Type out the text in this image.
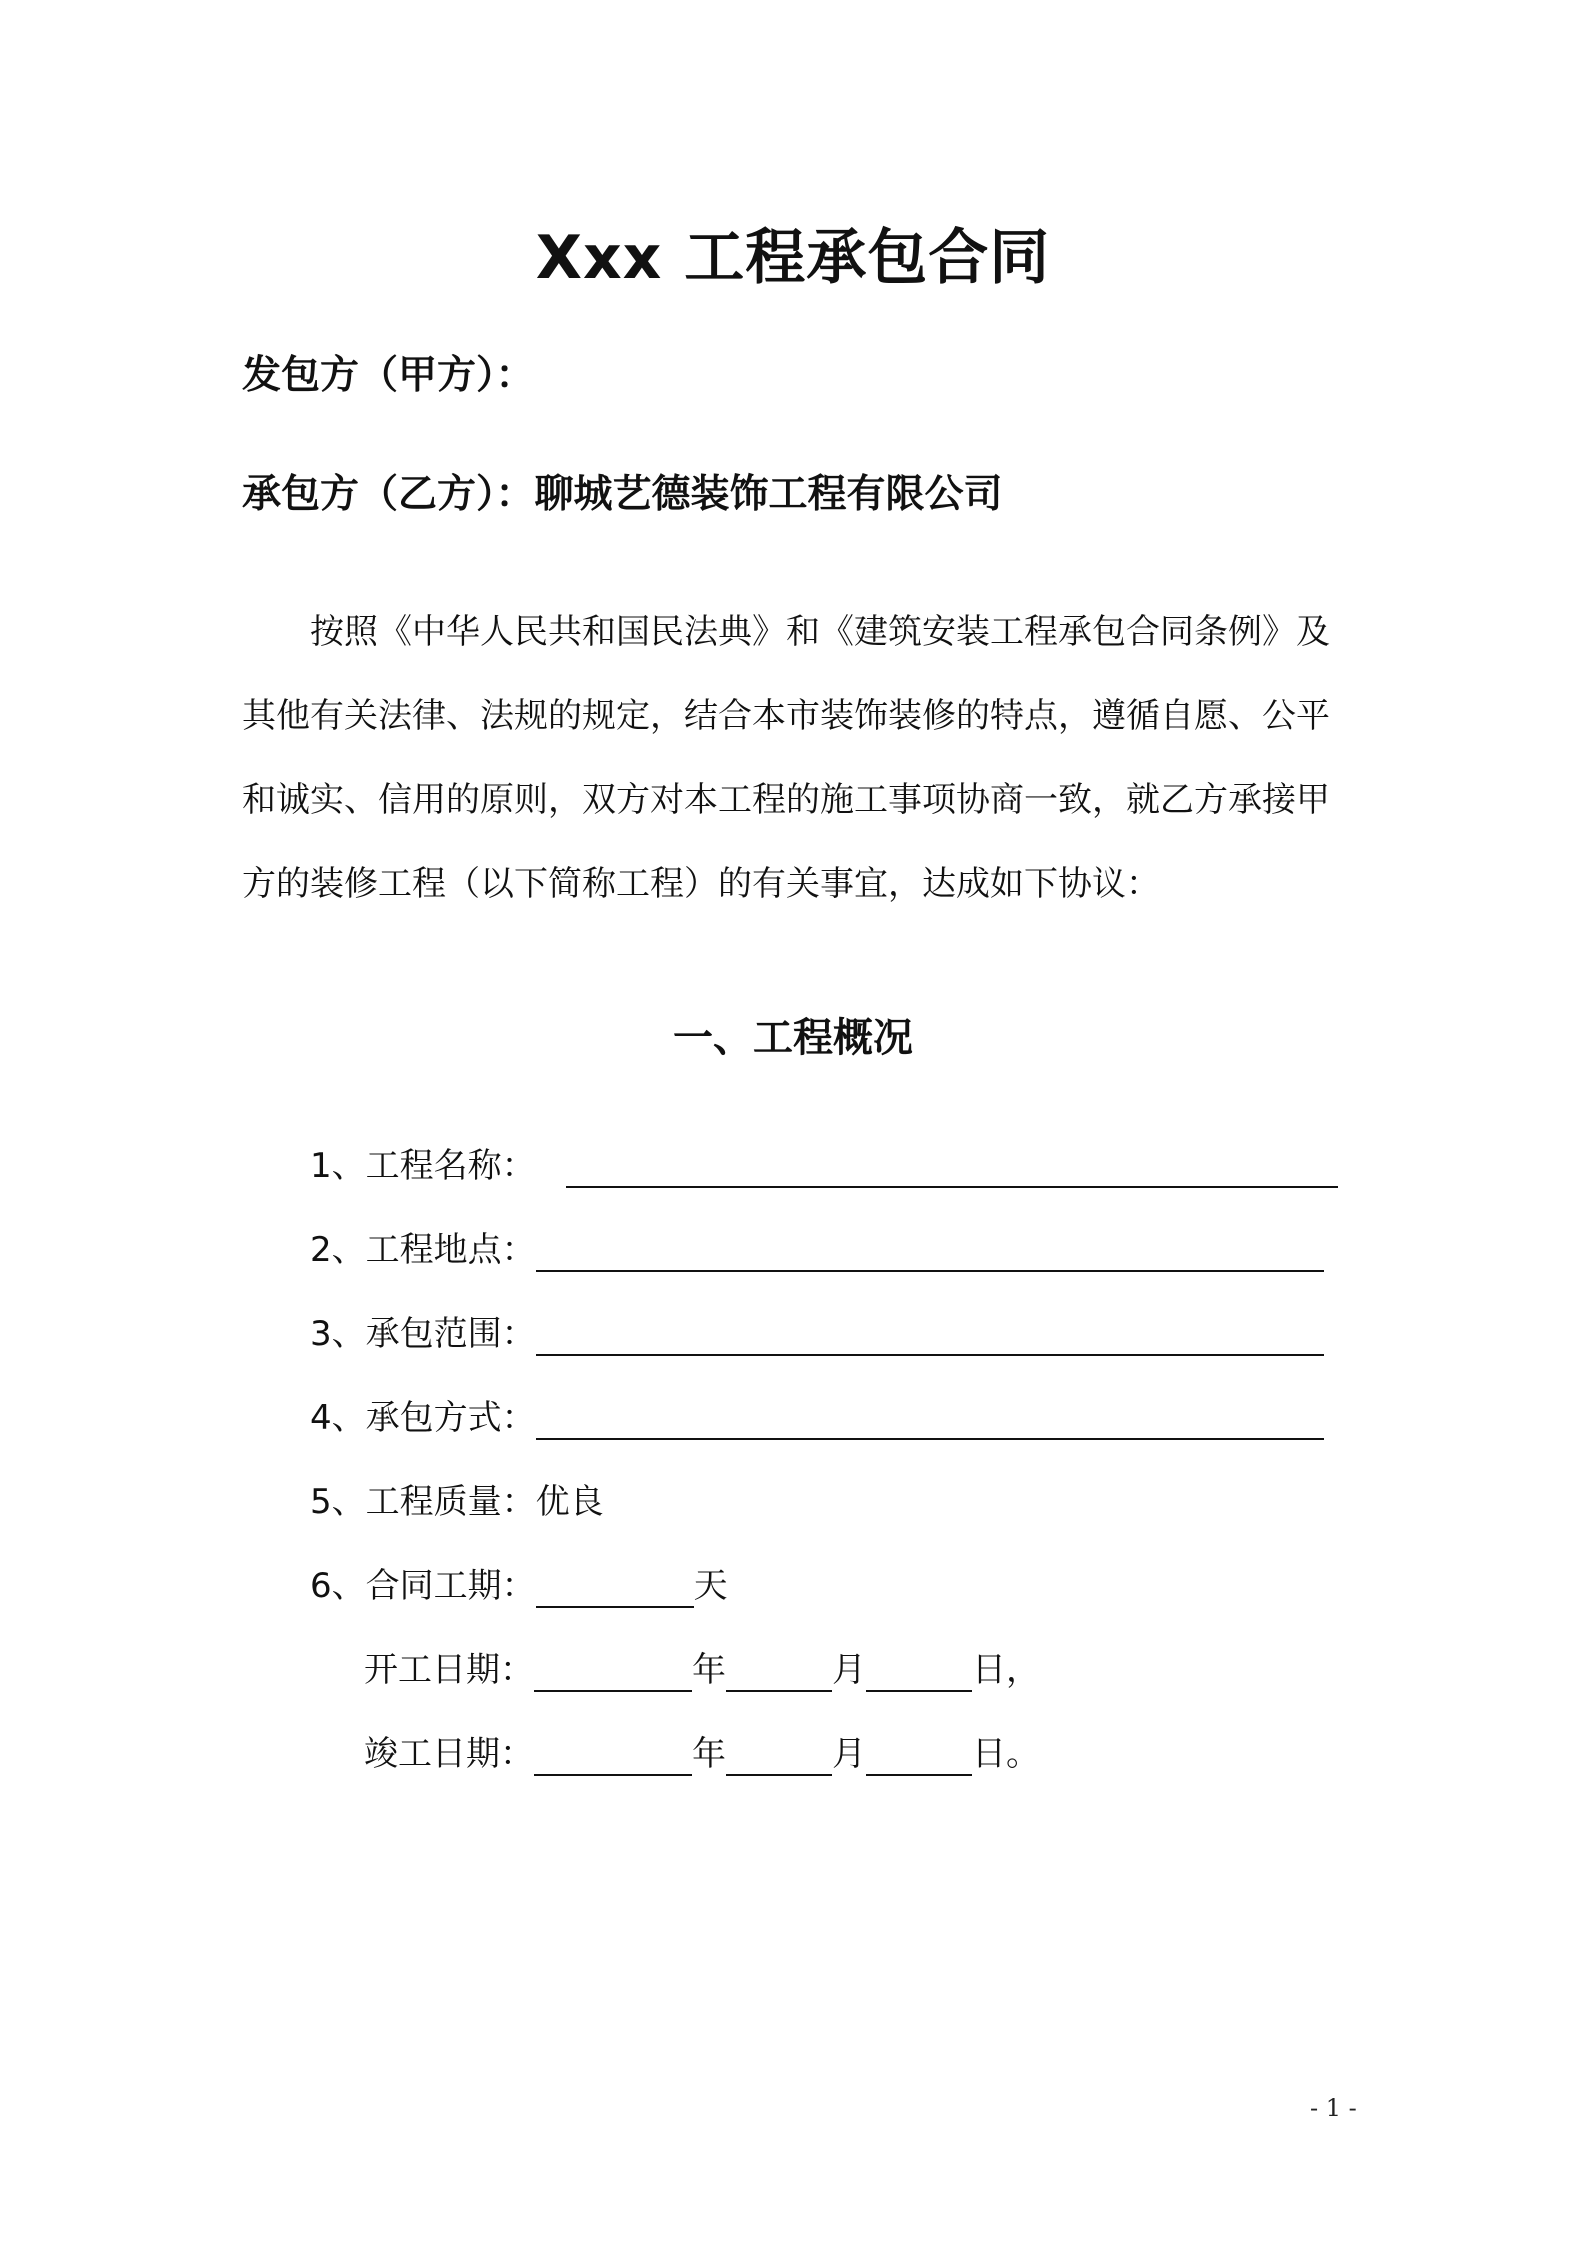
Xxx 工程承包合同
发包方（甲方）：
承包方（乙方）：聊城艺德装饰工程有限公司
按照《中华人民共和国民法典》和《建筑安装工程承包合同条例》及
其他有关法律、法规的规定，结合本市装饰装修的特点，遵循自愿、公平
和诚实、信用的原则，双方对本工程的施工事项协商一致，就乙方承接甲
方的装修工程（以下简称工程）的有关事宜，达成如下协议：
一、工程概况
1、工程名称：
2、工程地点：
3、承包范围：
4、承包方式：
5、工程质量：优良
6、合同工期：	天
开工日期：	年	月	日，
竣工日期：	年	月	日。
- 1 -
